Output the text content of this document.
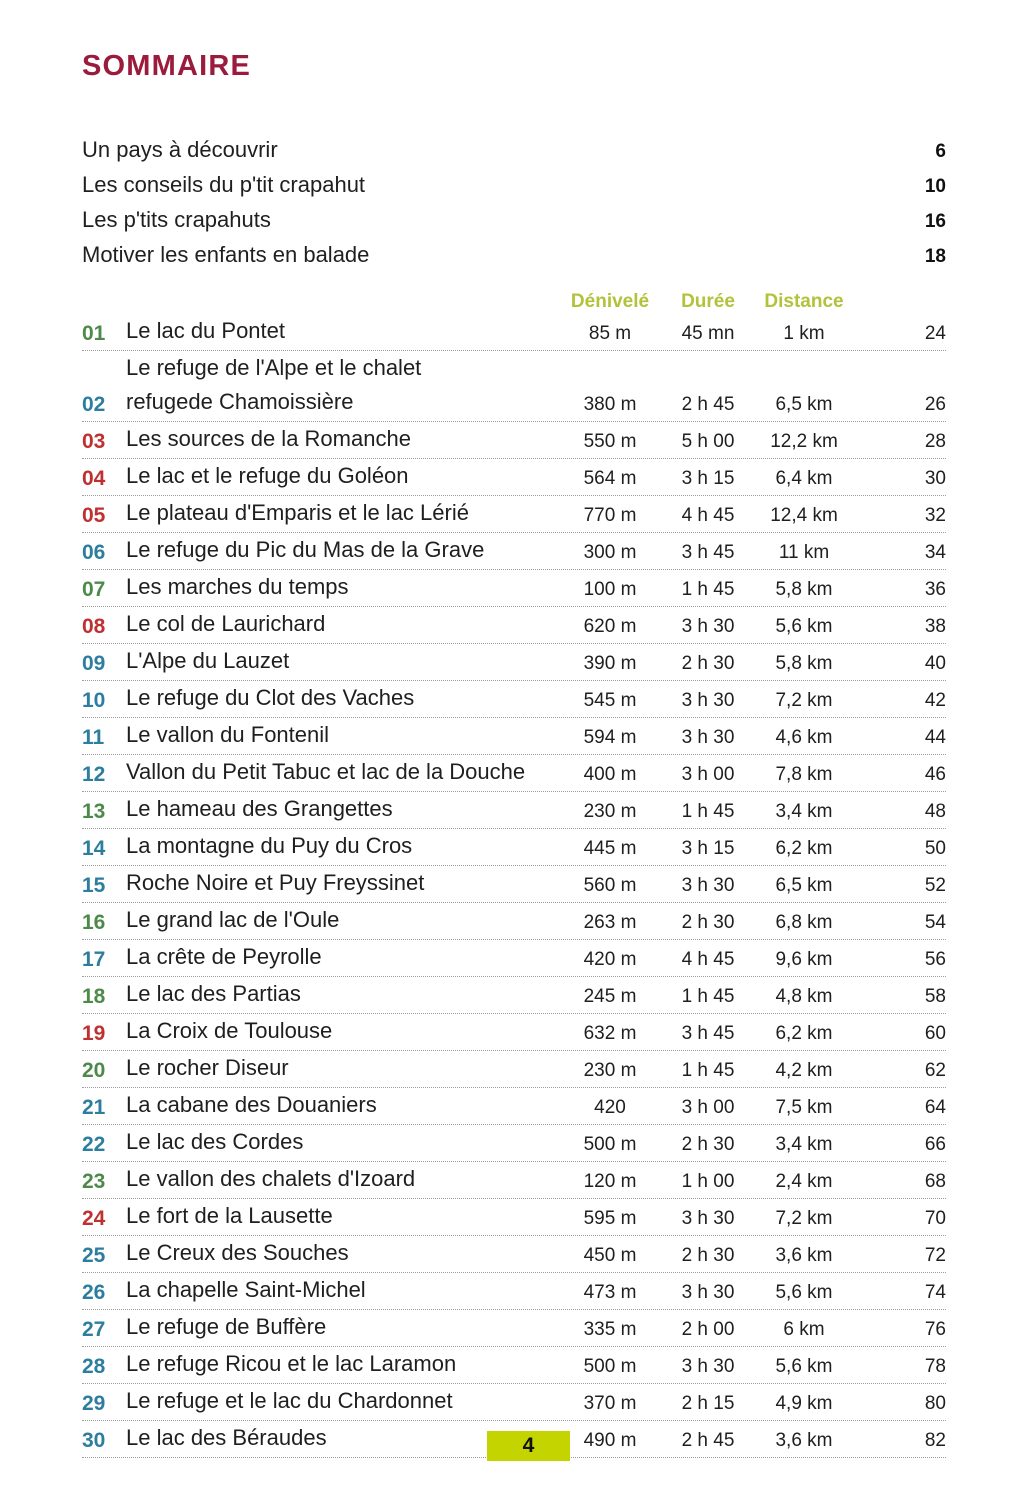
SOMMAIRE
Un pays à découvrir	6
Les conseils du p'tit crapahut	10
Les p'tits crapahuts	16
Motiver les enfants en balade	18
Dénivelé	Durée	Distance
01 Le lac du Pontet	85 m	45 mn	1 km	24
02
Le refuge de l'Alpe et le chalet
refugede Chamoissière	380 m	2 h 45	6,5 km	26
03 Les sources de la Romanche	550 m	5 h 00	12,2 km	28
04 Le lac et le refuge du Goléon	564 m	3 h 15	6,4 km	30
05 Le plateau d'Emparis et le lac Lérié	770 m	4 h 45	12,4 km	32
06 Le refuge du Pic du Mas de la Grave	300 m	3 h 45	11 km	34
07 Les marches du temps	100 m	1 h 45	5,8 km	36
08 Le col de Laurichard	620 m	3 h 30	5,6 km	38
09 L'Alpe du Lauzet	390 m	2 h 30	5,8 km	40
10 Le refuge du Clot des Vaches	545 m	3 h 30	7,2 km	42
11 Le vallon du Fontenil	594 m	3 h 30	4,6 km	44
12 Vallon du Petit Tabuc et lac de la Douche	400 m	3 h 00	7,8 km	46
13 Le hameau des Grangettes	230 m	1 h 45	3,4 km	48
14 La montagne du Puy du Cros	445 m	3 h 15	6,2 km	50
15 Roche Noire et Puy Freyssinet	560 m	3 h 30	6,5 km	52
16 Le grand lac de l'Oule	263 m	2 h 30	6,8 km	54
17 La crête de Peyrolle	420 m	4 h 45	9,6 km	56
18 Le lac des Partias	245 m	1 h 45	4,8 km	58
19 La Croix de Toulouse	632 m	3 h 45	6,2 km	60
20 Le rocher Diseur	230 m	1 h 45	4,2 km	62
21 La cabane des Douaniers	420	3 h 00	7,5 km	64
22 Le lac des Cordes	500 m	2 h 30	3,4 km	66
23 Le vallon des chalets d'Izoard	120 m	1 h 00	2,4 km	68
24 Le fort de la Lausette	595 m	3 h 30	7,2 km	70
25 Le Creux des Souches	450 m	2 h 30	3,6 km	72
26 La chapelle Saint-Michel	473 m	3 h 30	5,6 km	74
27 Le refuge de Buffère	335 m	2 h 00	6 km	76
28 Le refuge Ricou et le lac Laramon	500 m	3 h 30	5,6 km	78
29 Le refuge et le lac du Chardonnet	370 m	2 h 15	4,9 km	80
30 Le lac des Béraudes	490 m	2 h 45	3,6 km	82
4
